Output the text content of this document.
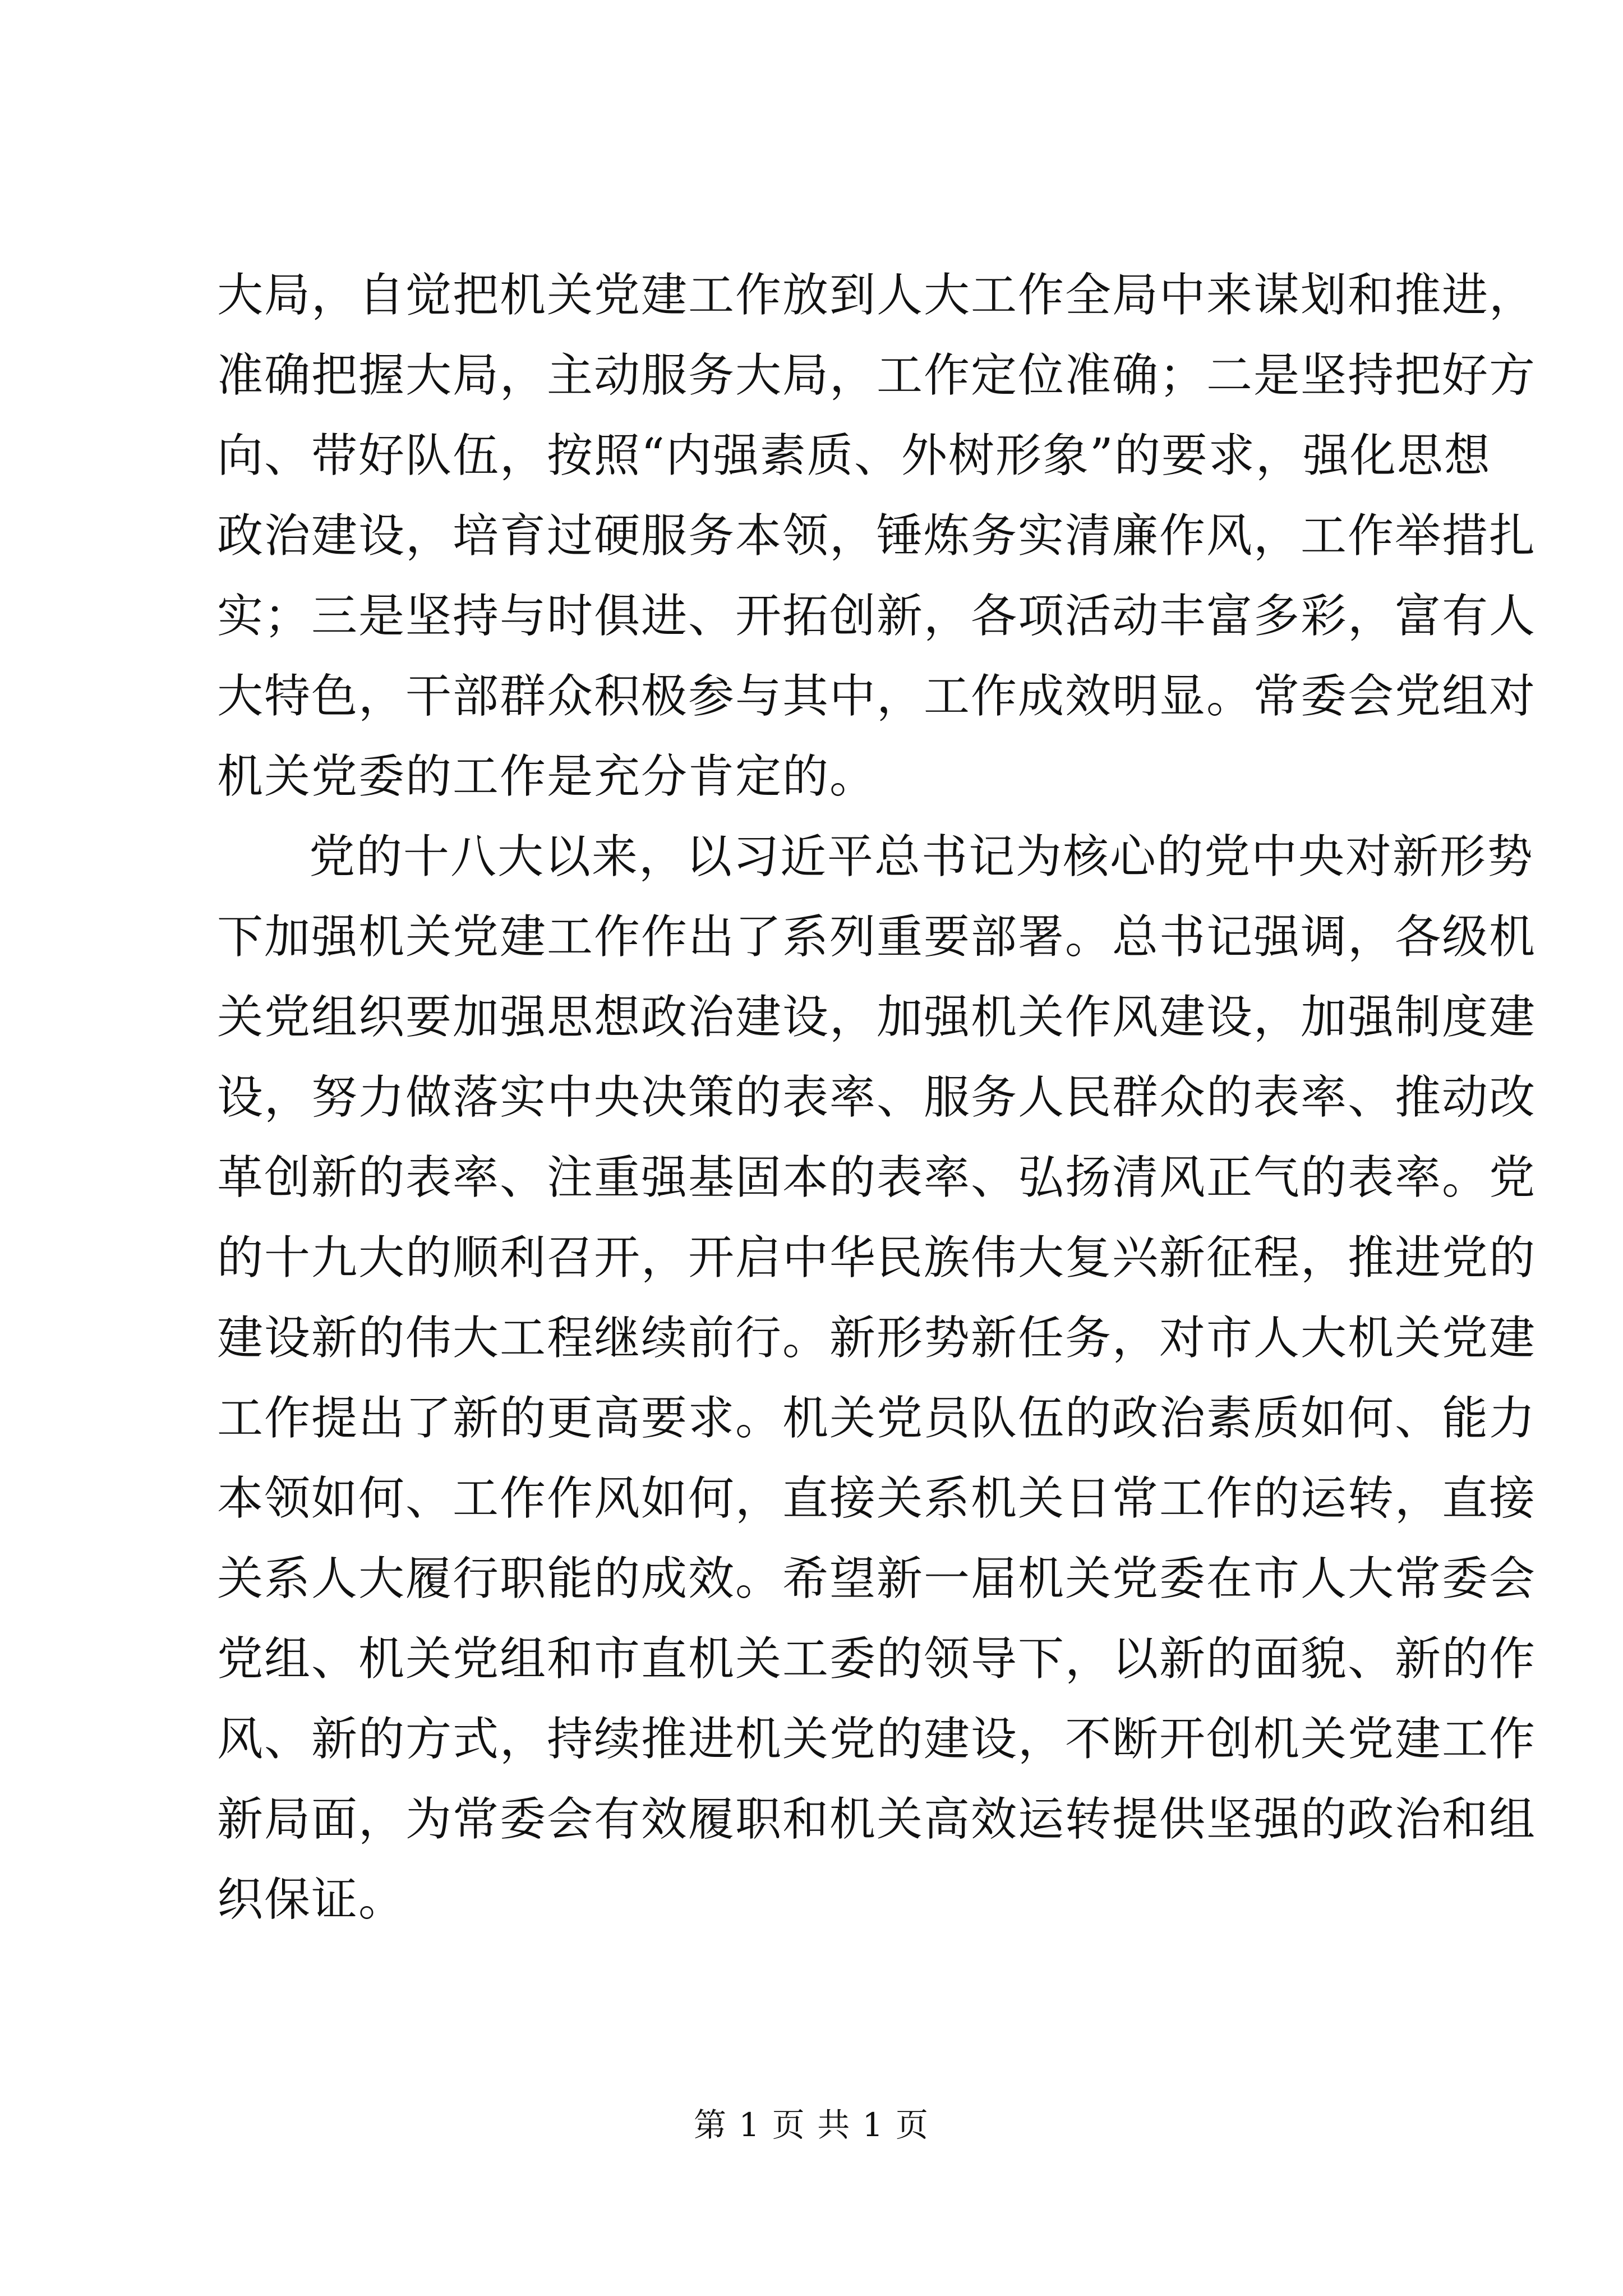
大局，自觉把机关党建工作放到人大工作全局中来谋划和推进，
准确把握大局，主动服务大局，工作定位准确；二是坚持把好方
向、带好队伍，按照“内强素质、外树形象”的要求，强化思想
政治建设，培育过硬服务本领，锤炼务实清廉作风，工作举措扎
实；三是坚持与时俱进、开拓创新，各项活动丰富多彩，富有人
大特色，干部群众积极参与其中，工作成效明显。常委会党组对
机关党委的工作是充分肯定的。
党的十八大以来，以习近平总书记为核心的党中央对新形势
下加强机关党建工作作出了系列重要部署。总书记强调，各级机
关党组织要加强思想政治建设，加强机关作风建设，加强制度建
设，努力做落实中央决策的表率、服务人民群众的表率、推动改
革创新的表率、注重强基固本的表率、弘扬清风正气的表率。党
的十九大的顺利召开，开启中华民族伟大复兴新征程，推进党的
建设新的伟大工程继续前行。新形势新任务，对市人大机关党建
工作提出了新的更高要求。机关党员队伍的政治素质如何、能力
本领如何、工作作风如何，直接关系机关日常工作的运转，直接
关系人大履行职能的成效。希望新一届机关党委在市人大常委会
党组、机关党组和市直机关工委的领导下，以新的面貌、新的作
风、新的方式，持续推进机关党的建设，不断开创机关党建工作
新局面，为常委会有效履职和机关高效运转提供坚强的政治和组
织保证。
第 1 页 共 1 页
